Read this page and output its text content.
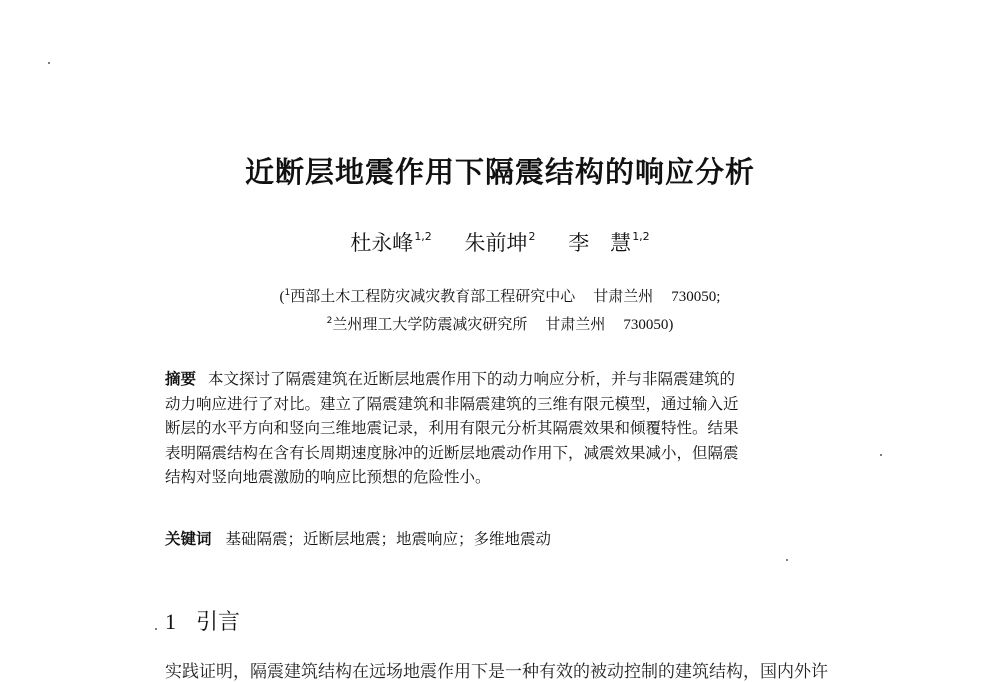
近断层地震作用下隔震结构的响应分析
杜永峰$^{1,2}$ 朱前坤$^2$ 李　慧$^{1,2}$
($^1$西部土木工程防灾减灾教育部工程研究中心 甘肃兰州 730050;
$^2$兰州理工大学防震减灾研究所 甘肃兰州 730050)
摘要 本文探讨了隔震建筑在近断层地震作用下的动力响应分析，并与非隔震建筑的
动力响应进行了对比。建立了隔震建筑和非隔震建筑的三维有限元模型，通过输入近
断层的水平方向和竖向三维地震记录，利用有限元分析其隔震效果和倾覆特性。结果
表明隔震结构在含有长周期速度脉冲的近断层地震动作用下，减震效果减小，但隔震
结构对竖向地震激励的响应比预想的危险性小。
关键词 基础隔震；近断层地震；地震响应；多维地震动
1 引言
实践证明，隔震建筑结构在远场地震作用下是一种有效的被动控制的建筑结构，国内外许
